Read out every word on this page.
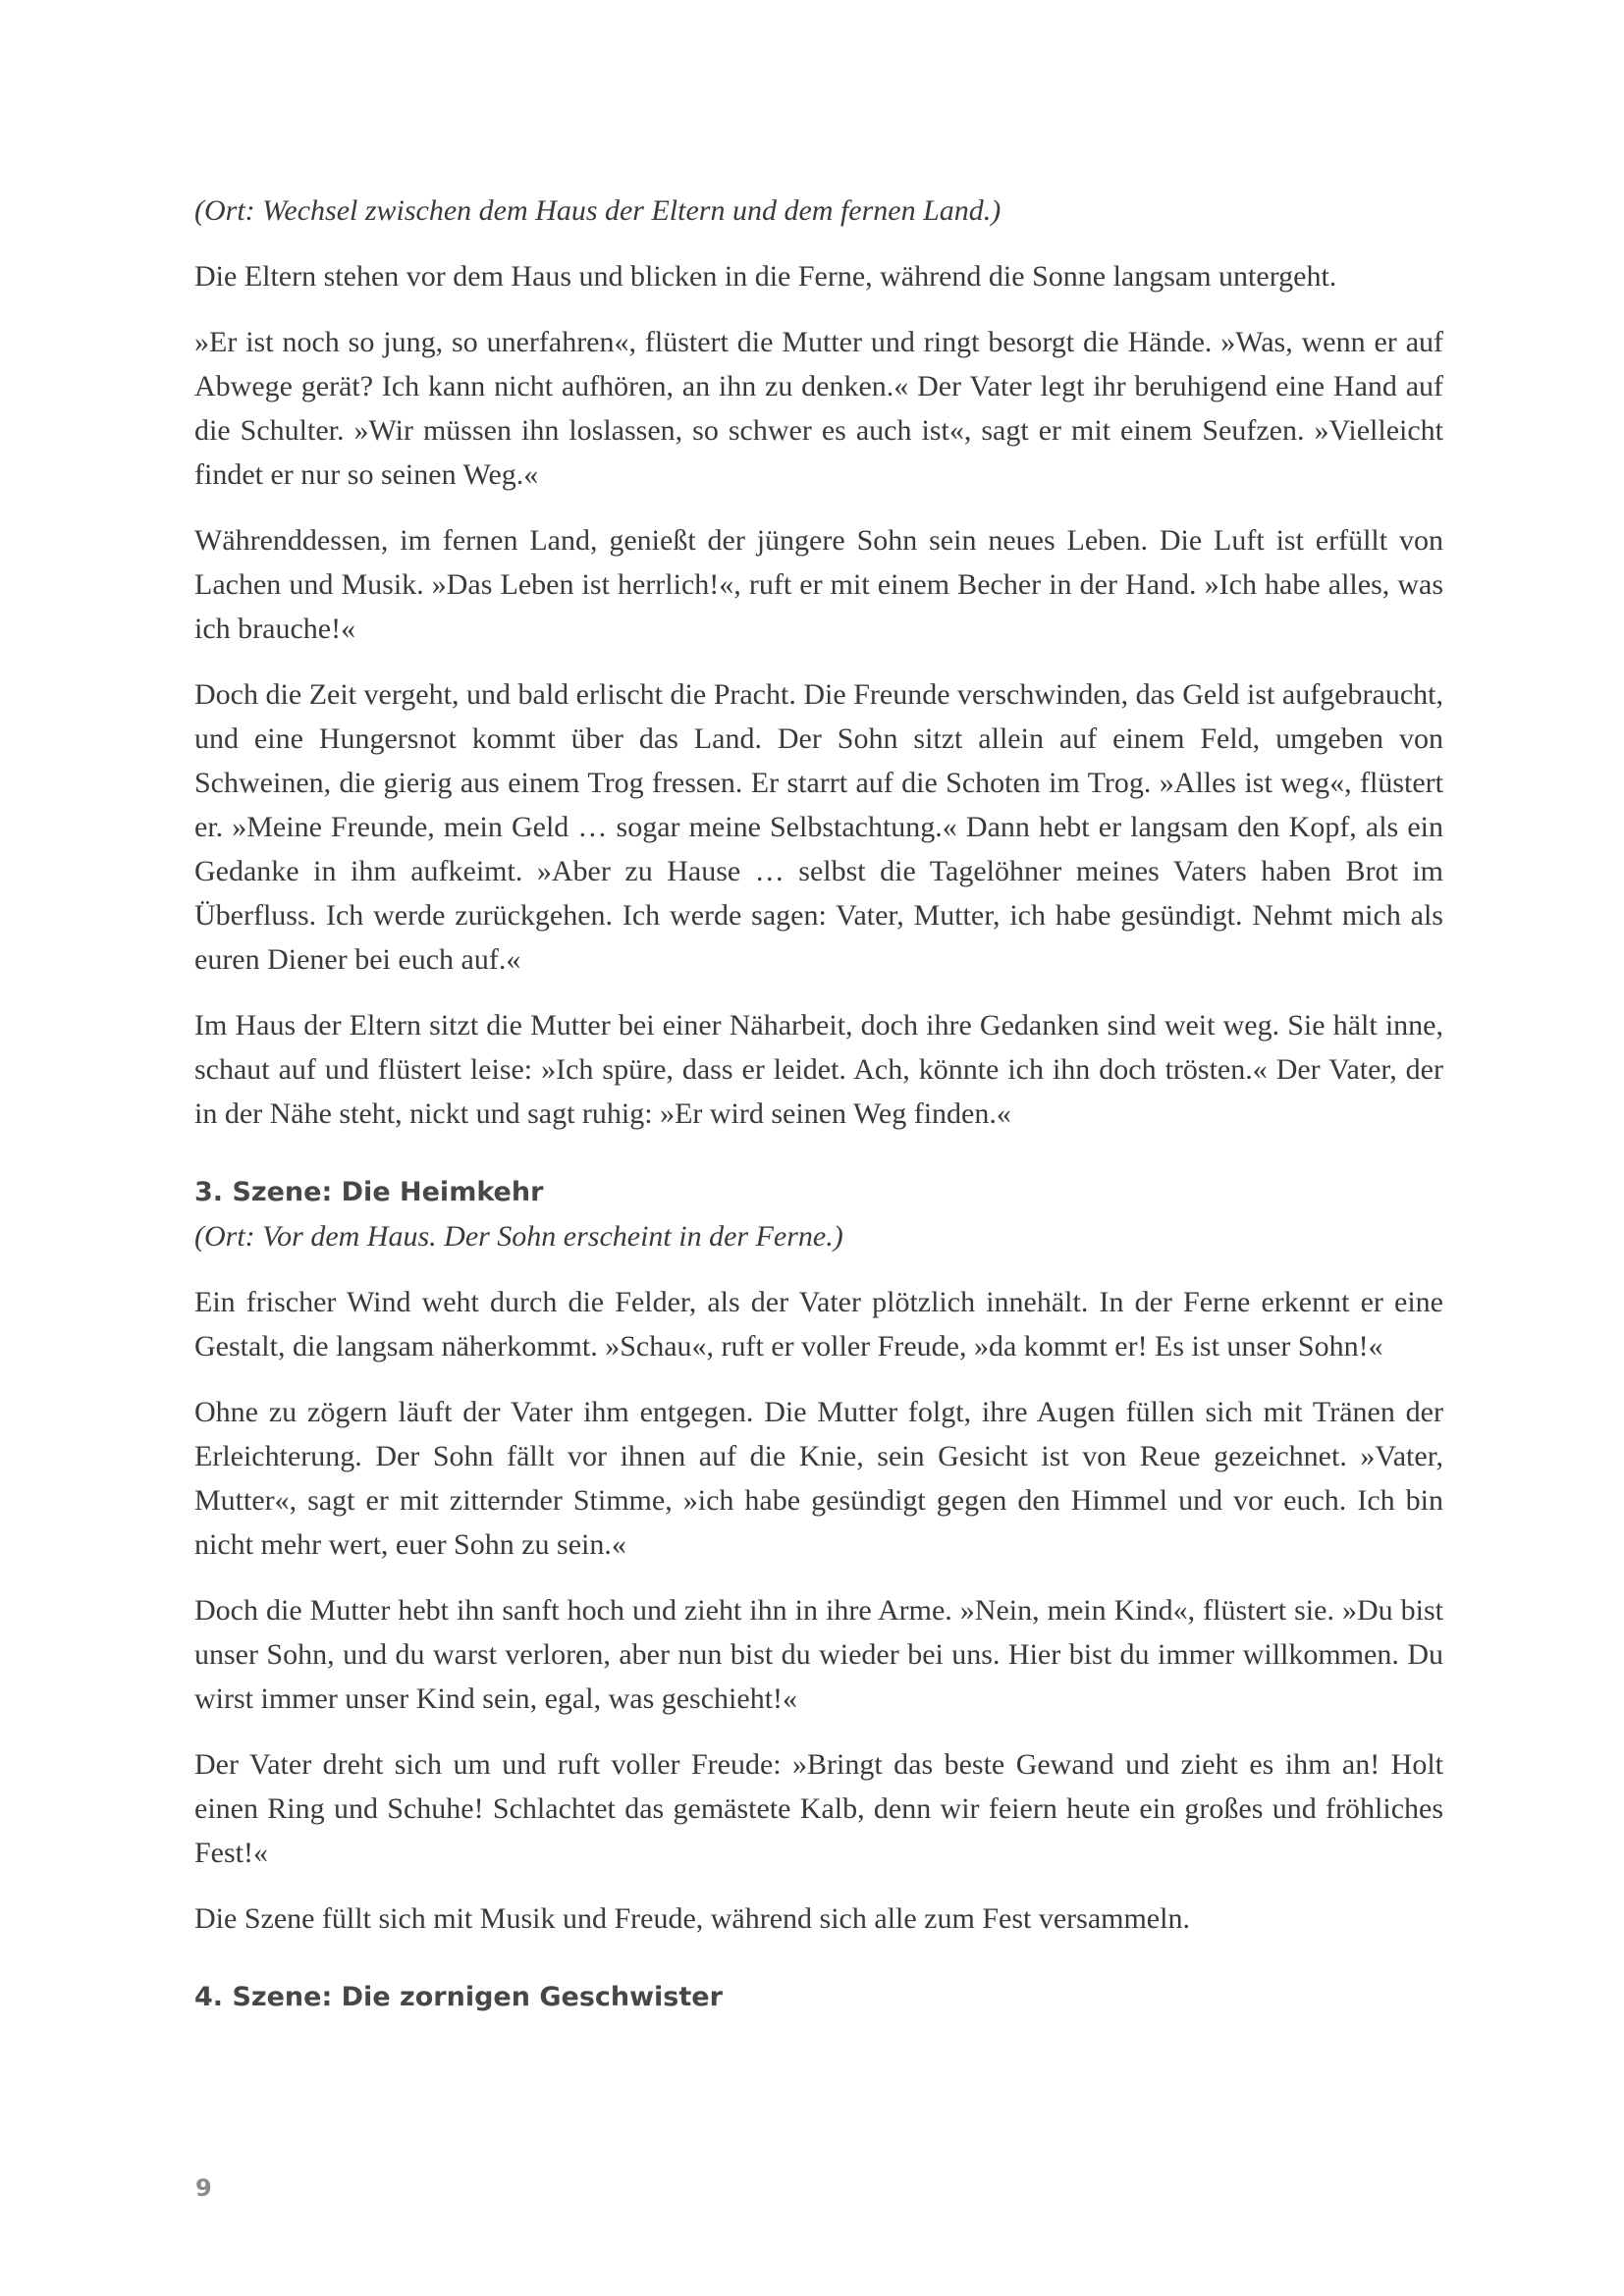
(Ort: Wechsel zwischen dem Haus der Eltern und dem fernen Land.)

Die Eltern stehen vor dem Haus und blicken in die Ferne, während die Sonne langsam untergeht.

»Er ist noch so jung, so unerfahren«, flüstert die Mutter und ringt besorgt die Hände. »Was, wenn er auf Abwege gerät? Ich kann nicht aufhören, an ihn zu denken.« Der Vater legt ihr beruhigend eine Hand auf die Schulter. »Wir müssen ihn loslassen, so schwer es auch ist«, sagt er mit einem Seufzen. »Vielleicht findet er nur so seinen Weg.«

Währenddessen, im fernen Land, genießt der jüngere Sohn sein neues Leben. Die Luft ist erfüllt von Lachen und Musik. »Das Leben ist herrlich!«, ruft er mit einem Becher in der Hand. »Ich habe alles, was ich brauche!«

Doch die Zeit vergeht, und bald erlischt die Pracht. Die Freunde verschwinden, das Geld ist aufgebraucht, und eine Hungersnot kommt über das Land. Der Sohn sitzt allein auf einem Feld, umgeben von Schweinen, die gierig aus einem Trog fressen. Er starrt auf die Schoten im Trog. »Alles ist weg«, flüstert er. »Meine Freunde, mein Geld … sogar meine Selbstachtung.« Dann hebt er langsam den Kopf, als ein Gedanke in ihm aufkeimt. »Aber zu Hause … selbst die Tagelöhner meines Vaters haben Brot im Überfluss. Ich werde zurückgehen. Ich werde sagen: Vater, Mutter, ich habe gesündigt. Nehmt mich als euren Diener bei euch auf.«

Im Haus der Eltern sitzt die Mutter bei einer Näharbeit, doch ihre Gedanken sind weit weg. Sie hält inne, schaut auf und flüstert leise: »Ich spüre, dass er leidet. Ach, könnte ich ihn doch trösten.« Der Vater, der in der Nähe steht, nickt und sagt ruhig: »Er wird seinen Weg finden.«

3. Szene: Die Heimkehr

(Ort: Vor dem Haus. Der Sohn erscheint in der Ferne.)

Ein frischer Wind weht durch die Felder, als der Vater plötzlich innehält. In der Ferne erkennt er eine Gestalt, die langsam näherkommt. »Schau«, ruft er voller Freude, »da kommt er! Es ist unser Sohn!«

Ohne zu zögern läuft der Vater ihm entgegen. Die Mutter folgt, ihre Augen füllen sich mit Tränen der Erleichterung. Der Sohn fällt vor ihnen auf die Knie, sein Gesicht ist von Reue gezeichnet. »Vater, Mutter«, sagt er mit zitternder Stimme, »ich habe gesündigt gegen den Himmel und vor euch. Ich bin nicht mehr wert, euer Sohn zu sein.«

Doch die Mutter hebt ihn sanft hoch und zieht ihn in ihre Arme. »Nein, mein Kind«, flüstert sie. »Du bist unser Sohn, und du warst verloren, aber nun bist du wieder bei uns. Hier bist du immer willkommen. Du wirst immer unser Kind sein, egal, was geschieht!«

Der Vater dreht sich um und ruft voller Freude: »Bringt das beste Gewand und zieht es ihm an! Holt einen Ring und Schuhe! Schlachtet das gemästete Kalb, denn wir feiern heute ein großes und fröhliches Fest!«

Die Szene füllt sich mit Musik und Freude, während sich alle zum Fest versammeln.

4. Szene: Die zornigen Geschwister
9
